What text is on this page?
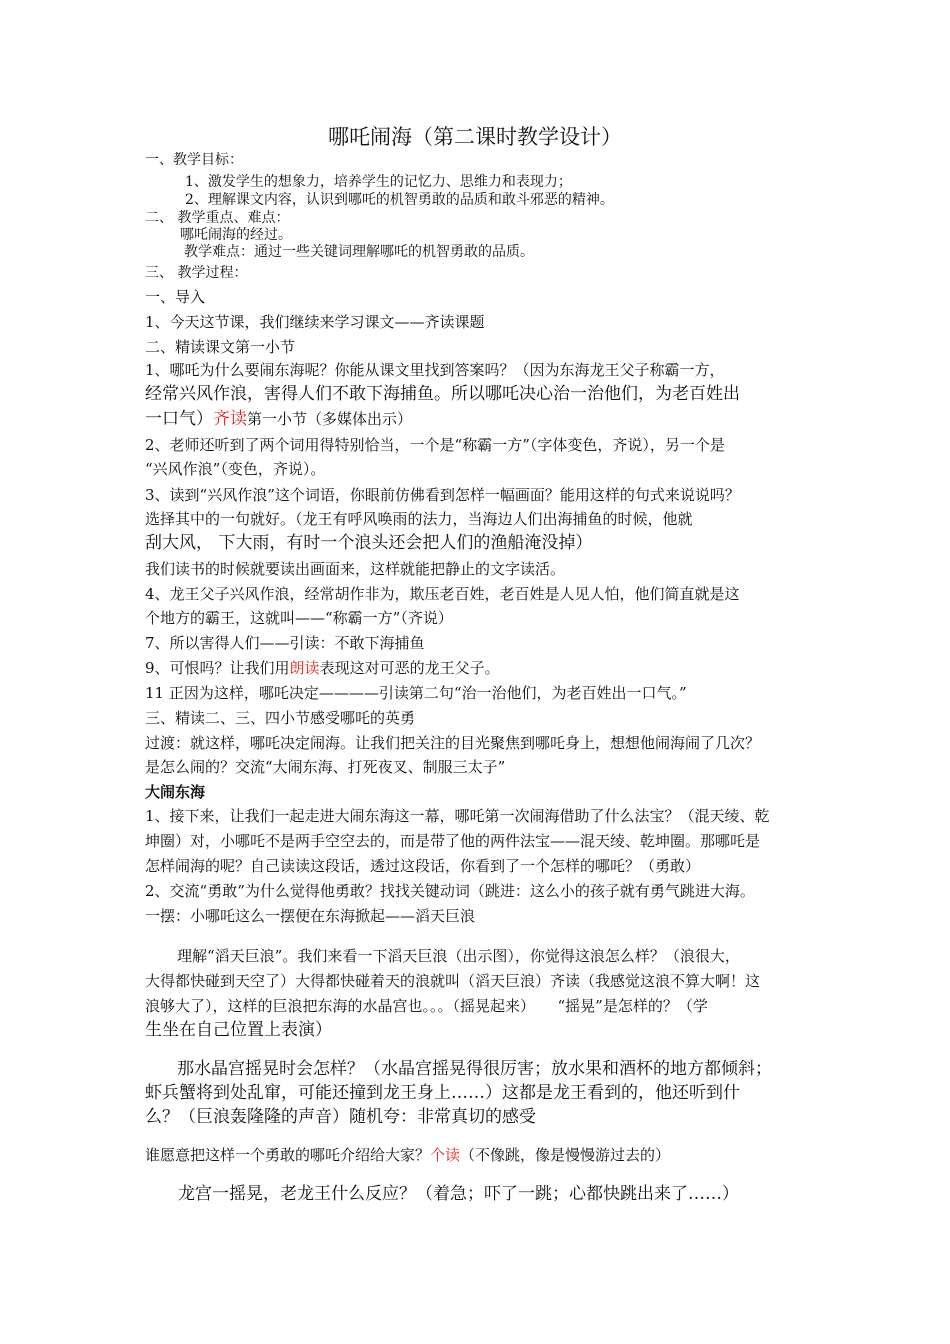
哪吒闹海（第二课时教学设计）
一、教学目标：
1、激发学生的想象力，培养学生的记忆力、思维力和表现力；
2、理解课文内容，认识到哪吒的机智勇敢的品质和敢斗邪恶的精神。
二、 教学重点、难点：
哪吒闹海的经过。
教学难点：通过一些关键词理解哪吒的机智勇敢的品质。
三、 教学过程：
一、导入
1、今天这节课，我们继续来学习课文——齐读课题
二、精读课文第一小节
1、哪吒为什么要闹东海呢？你能从课文里找到答案吗？（因为东海龙王父子称霸一方，
经常兴风作浪，害得人们不敢下海捕鱼。所以哪吒决心治一治他们，为老百姓出
一口气）齐读第一小节（多媒体出示）
2、老师还听到了两个词用得特别恰当，一个是“称霸一方”（字体变色，齐说），另一个是
“兴风作浪”（变色，齐说）。
3、读到“兴风作浪”这个词语，你眼前仿佛看到怎样一幅画面？能用这样的句式来说说吗？
选择其中的一句就好。（龙王有呼风唤雨的法力，当海边人们出海捕鱼的时候，他就
刮大风， 下大雨，有时一个浪头还会把人们的渔船淹没掉）
我们读书的时候就要读出画面来，这样就能把静止的文字读活。
4、龙王父子兴风作浪，经常胡作非为，欺压老百姓，老百姓是人见人怕，他们简直就是这
个地方的霸王，这就叫——“称霸一方”（齐说）
7、所以害得人们——引读：不敢下海捕鱼
9、可恨吗？让我们用朗读表现这对可恶的龙王父子。
11 正因为这样，哪吒决定————引读第二句“治一治他们，为老百姓出一口气。”
三、精读二、三、四小节感受哪吒的英勇
过渡：就这样，哪吒决定闹海。让我们把关注的目光聚焦到哪吒身上，想想他闹海闹了几次？
是怎么闹的？交流“大闹东海、打死夜叉、制服三太子”
大闹东海
1、接下来，让我们一起走进大闹东海这一幕，哪吒第一次闹海借助了什么法宝？（混天绫、乾
坤圈）对，小哪吒不是两手空空去的，而是带了他的两件法宝——混天绫、乾坤圈。那哪吒是
怎样闹海的呢？自己读读这段话，透过这段话，你看到了一个怎样的哪吒？（勇敢）
2、交流“勇敢”为什么觉得他勇敢？找找关键动词（跳进：这么小的孩子就有勇气跳进大海。
一摆：小哪吒这么一摆便在东海掀起——滔天巨浪
理解“滔天巨浪”。我们来看一下滔天巨浪（出示图），你觉得这浪怎么样？（浪很大，
大得都快碰到天空了）大得都快碰着天的浪就叫（滔天巨浪）齐读（我感觉这浪不算大啊！这
浪够大了），这样的巨浪把东海的水晶宫也。。。（摇晃起来）　　“摇晃”是怎样的？（学
生坐在自己位置上表演）
那水晶宫摇晃时会怎样？（水晶宫摇晃得很厉害；放水果和酒杯的地方都倾斜；
虾兵蟹将到处乱窜，可能还撞到龙王身上……）这都是龙王看到的，他还听到什
么？（巨浪轰隆隆的声音）随机夸：非常真切的感受
谁愿意把这样一个勇敢的哪吒介绍给大家？个读（不像跳，像是慢慢游过去的）
龙宫一摇晃，老龙王什么反应？（着急；吓了一跳；心都快跳出来了……）
